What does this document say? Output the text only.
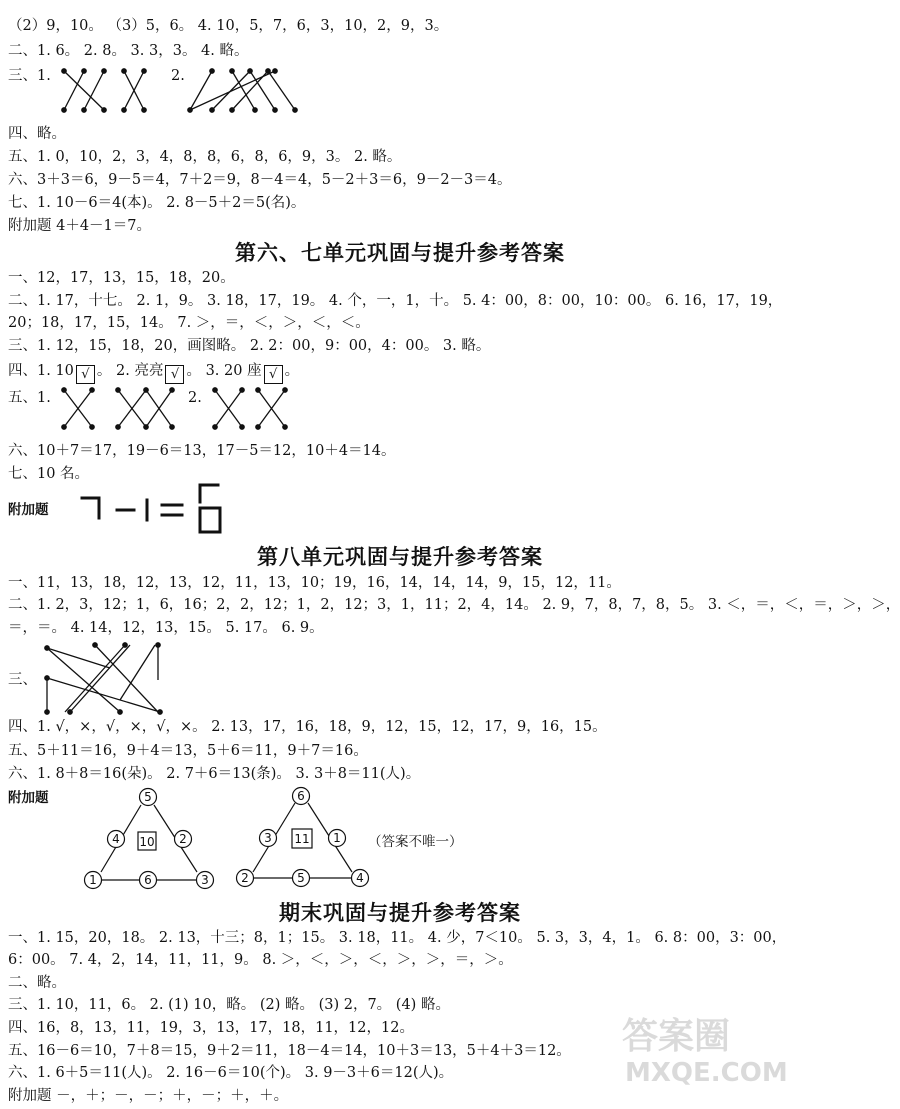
（2）9，10。 （3）5，6。 4. 10，5，7，6，3，10，2，9，3。
二、1. 6。 2. 8。 3. 3，3。 4. 略。
三、1.	2.
四、略。
五、1. 0，10，2，3，4，8，8，6，8，6，9，3。 2. 略。
六、3＋3＝6，9－5＝4，7＋2＝9，8－4＝4，5－2＋3＝6，9－2－3＝4。
七、1. 10－6＝4(本)。 2. 8－5＋2＝5(名)。
附加题 4＋4－1＝7。
第六、七单元巩固与提升参考答案
一、12，17，13，15，18，20。
二、1. 17，十七。 2. 1，9。 3. 18，17，19。 4. 个，一，1，十。 5. 4：00，8：00，10：00。 6. 16，17，19，
20；18，17，15，14。 7. ＞，＝，＜，＞，＜，＜。
三、1. 12，15，18，20，画图略。 2. 2：00，9：00，4：00。 3. 略。
四、1. 10 √ 。 2. 亮亮 √ 。 3. 20 座 √ 。
五、1.	2.
六、10＋7＝17，19－6＝13，17－5＝12，10＋4＝14。
七、10 名。
附加题
第八单元巩固与提升参考答案
一、11，13，18，12，13，12，11，13，10；19，16，14，14，14，9，15，12，11。
二、1. 2，3，12；1，6，16；2，2，12；1，2，12；3，1，11；2，4，14。 2. 9，7，8，7，8，5。 3. ＜，＝，＜，＝，＞，＞，
＝，＝。 4. 14，12，13，15。 5. 17。 6. 9。
三、
四、1. √，×，√，×，√，×。 2. 13，17，16，18，9，12，15，12，17，9，16，15。
五、5＋11＝16，9＋4＝13，5＋6＝11，9＋7＝16。
六、1. 8＋8＝16(朵)。 2. 7＋6＝13(条)。 3. 3＋8＝11(人)。
附加题	5
4	2
1	6	3
10
6
3	1
2	5	4
11	（答案不唯一）
期末巩固与提升参考答案
一、1. 15，20，18。 2. 13，十三；8，1；15。 3. 18，11。 4. 少，7＜10。 5. 3，3，4，1。 6. 8：00，3：00，
6：00。 7. 4，2，14，11，11，9。 8. ＞，＜，＞，＜，＞，＞，＝，＞。
二、略。
三、1. 10，11，6。 2. (1) 10，略。 (2) 略。 (3) 2，7。 (4) 略。
四、16，8，13，11，19，3，13，17，18，11，12，12。
五、16－6＝10，7＋8＝15，9＋2＝11，18－4＝14，10＋3＝13，5＋4＋3＝12。
六、1. 6＋5＝11(人)。 2. 16－6＝10(个)。 3. 9－3＋6＝12(人)。
附加题 －，＋；－，－；＋，－；＋，＋。
答案圈
MXQE.COM
